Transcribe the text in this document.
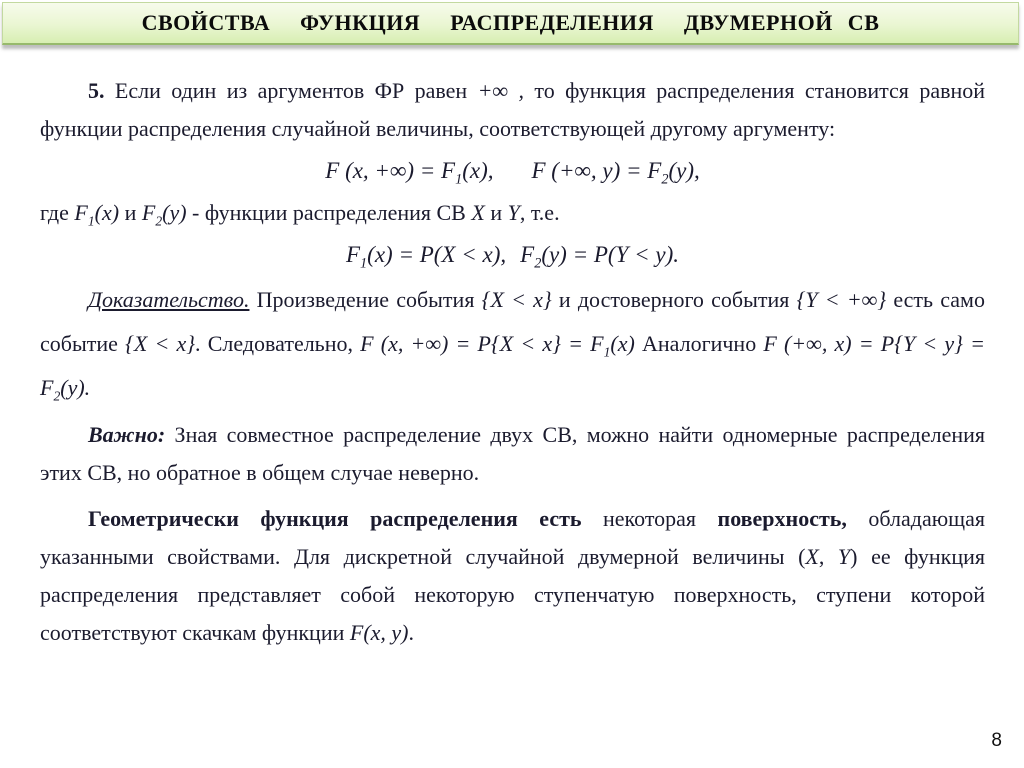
СВОЙСТВА  ФУНКЦИЯ  РАСПРЕДЕЛЕНИЯ  ДВУМЕРНОЙ СВ

5. Если один из аргументов ФР равен +∞ , то функция распределения становится равной функции распределения случайной величины, соответствующей другому аргументу:

F (x, +∞) = $F_1(x)$, F (+∞, $y) = F_2(y)$,

где $F_1(x)$ и $F_2(y)$ - функции распределения СВ X и Y, т.е.

$F_1(x) = P(X < x)$, $F_2(y) = P(Y < y)$.

Доказательство. Произведение события {X < x} и достоверного события {Y < +∞} есть само событие {X < x}. Следовательно, F (x, +∞) = $P\{X < x\} = F_1(x)$ Аналогично F (+∞, $x) = P\{Y < y\} = F_2(y)$.

Важно: Зная совместное распределение двух СВ, можно найти одномерные распределения этих СВ, но обратное в общем случае неверно.

Геометрически функция распределения есть некоторая поверхность, обладающая указанными свойствами. Для дискретной случайной двумерной величины (X, Y) ее функция распределения представляет собой некоторую ступенчатую поверхность, ступени которой соответствуют скачкам функции F(x, y).

8
